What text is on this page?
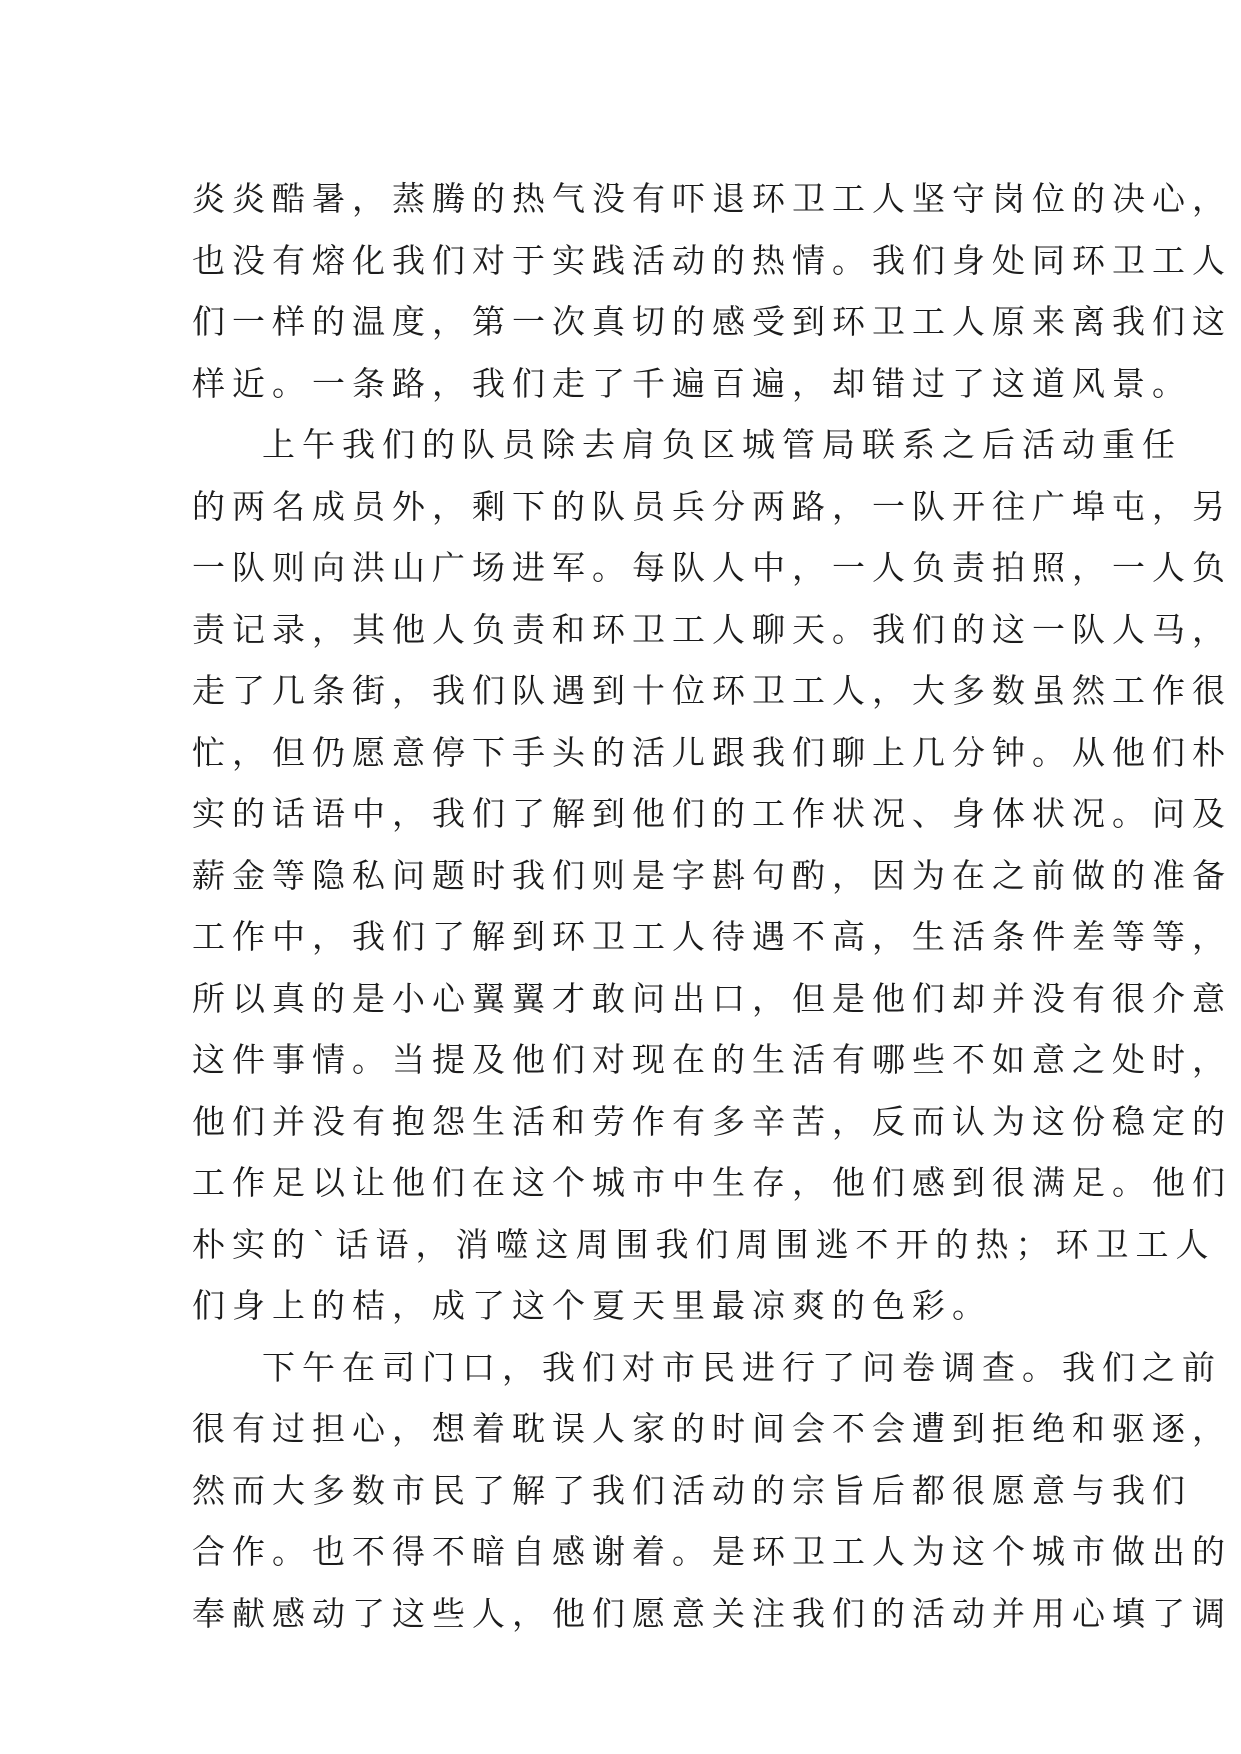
炎炎酷暑，蒸腾的热气没有吓退环卫工人坚守岗位的决心，
也没有熔化我们对于实践活动的热情。我们身处同环卫工人
们一样的温度，第一次真切的感受到环卫工人原来离我们这
样近。一条路，我们走了千遍百遍，却错过了这道风景。
上午我们的队员除去肩负区城管局联系之后活动重任
的两名成员外，剩下的队员兵分两路，一队开往广埠屯，另
一队则向洪山广场进军。每队人中，一人负责拍照，一人负
责记录，其他人负责和环卫工人聊天。我们的这一队人马，
走了几条街，我们队遇到十位环卫工人，大多数虽然工作很
忙，但仍愿意停下手头的活儿跟我们聊上几分钟。从他们朴
实的话语中，我们了解到他们的工作状况、身体状况。问及
薪金等隐私问题时我们则是字斟句酌，因为在之前做的准备
工作中，我们了解到环卫工人待遇不高，生活条件差等等，
所以真的是小心翼翼才敢问出口，但是他们却并没有很介意
这件事情。当提及他们对现在的生活有哪些不如意之处时，
他们并没有抱怨生活和劳作有多辛苦，反而认为这份稳定的
工作足以让他们在这个城市中生存，他们感到很满足。他们
朴实的`话语，消噬这周围我们周围逃不开的热；环卫工人
们身上的桔，成了这个夏天里最凉爽的色彩。
下午在司门口，我们对市民进行了问卷调查。我们之前
很有过担心，想着耽误人家的时间会不会遭到拒绝和驱逐，
然而大多数市民了解了我们活动的宗旨后都很愿意与我们
合作。也不得不暗自感谢着。是环卫工人为这个城市做出的
奉献感动了这些人，他们愿意关注我们的活动并用心填了调
